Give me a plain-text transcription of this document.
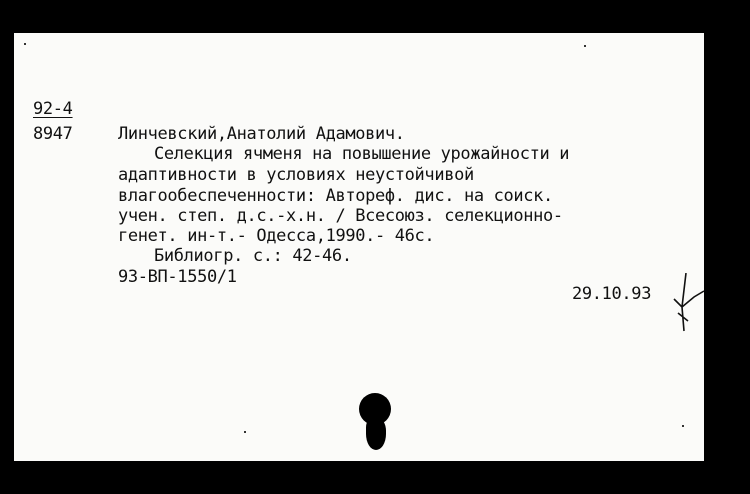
92-4
8947	Линчевский,Анатолий Адамович.
Селекция ячменя на повышение урожайности и
адаптивности в условиях неустойчивой
влагообеспеченности: Автореф. дис. на соиск.
учен. степ. д.с.-х.н. / Всесоюз. селекционно-
генет. ин-т.- Одесса,1990.- 46с.
Библиогр. с.: 42-46.
93-ВП-1550/1
29.10.93
